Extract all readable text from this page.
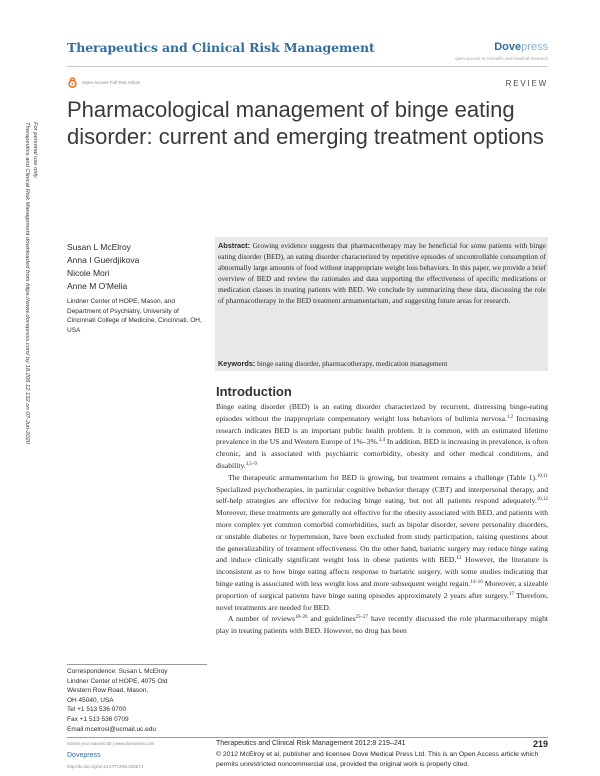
Therapeutics and Clinical Risk Management	Dovepress
open access to scientific and medical research
Open Access Full Text Article	REVIEW
Pharmacological management of binge eating disorder: current and emerging treatment options
Therapeutics and Clinical Risk Management downloaded from https://www.dovepress.com/ by 18.206.12.132 on 07-Jun-2020 For personal use only.
Susan L McElroy
Anna I Guerdjikova
Nicole Mori
Anne M O'Melia
Lindner Center of HOPE, Mason, and Department of Psychiatry, University of Cincinnati College of Medicine, Cincinnati, OH, USA
Abstract: Growing evidence suggests that pharmacotherapy may be beneficial for some patients with binge eating disorder (BED), an eating disorder characterized by repetitive episodes of uncontrollable consumption of abnormally large amounts of food without inappropriate weight loss behaviors. In this paper, we provide a brief overview of BED and review the rationales and data supporting the effectiveness of specific medications or medication classes in treating patients with BED. We conclude by summarizing these data, discussing the role of pharmacotherapy in the BED treatment armamentarium, and suggesting future areas for research.
Keywords: binge eating disorder, pharmacotherapy, medication management
Introduction

Binge eating disorder (BED) is an eating disorder characterized by recurrent, distressing binge-eating episodes without the inappropriate compensatory weight loss behaviors of bulimia nervosa.$^{1,2}$ Increasing research indicates BED is an important public health problem. It is common, with an estimated lifetime prevalence in the US and Western Europe of 1%–3%.$^{3,4}$ In addition, BED is increasing in prevalence, is often chronic, and is associated with psychiatric comorbidity, obesity and other medical conditions, and disability.$^{3,5-9}$

The therapeutic armamentarium for BED is growing, but treatment remains a challenge (Table 1).$^{10,11}$ Specialized psychotherapies, in particular cognitive behavior therapy (CBT) and interpersonal therapy, and self-help strategies are effective for reducing binge eating, but not all patients respond adequately.$^{10,12}$ Moreover, these treatments are generally not effective for the obesity associated with BED, and patients with more complex yet common comorbid comorbidities, such as bipolar disorder, severe personality disorders, or unstable diabetes or hypertension, have been excluded from study participation, raising questions about the generalizability of treatment effectiveness. On the other hand, bariatric surgery may reduce binge eating and induce clinically significant weight loss in obese patients with BED.$^{13}$ However, the literature is inconsistent as to how binge eating affects response to bariatric surgery, with some studies indicating that binge eating is associated with less weight loss and more subsequent weight regain.$^{14-16}$ Moreover, a sizeable proportion of surgical patients have binge eating episodes approximately 2 years after surgery.$^{17}$ Therefore, novel treatments are needed for BED.

A number of reviews$^{18-26}$ and guidelines$^{25-27}$ have recently discussed the role pharmacotherapy might play in treating patients with BED. However, no drug has been

Correspondence: Susan L McElroy
Lindner Center of HOPE, 4075 Old
Western Row Road, Mason,
OH 45040, USA
Tel +1 513 536 0700
Fax +1 513 536 0709
Email mcelrosl@ucmail.uc.edu
submit your manuscript | www.dovepress.com
Dovepress
http://dx.doi.org/10.2147/TCRM.S36574
Therapeutics and Clinical Risk Management 2012:8 219–241	219
© 2012 McElroy et al, publisher and licensee Dove Medical Press Ltd. This is an Open Access article which permits unrestricted noncommercial use, provided the original work is properly cited.
